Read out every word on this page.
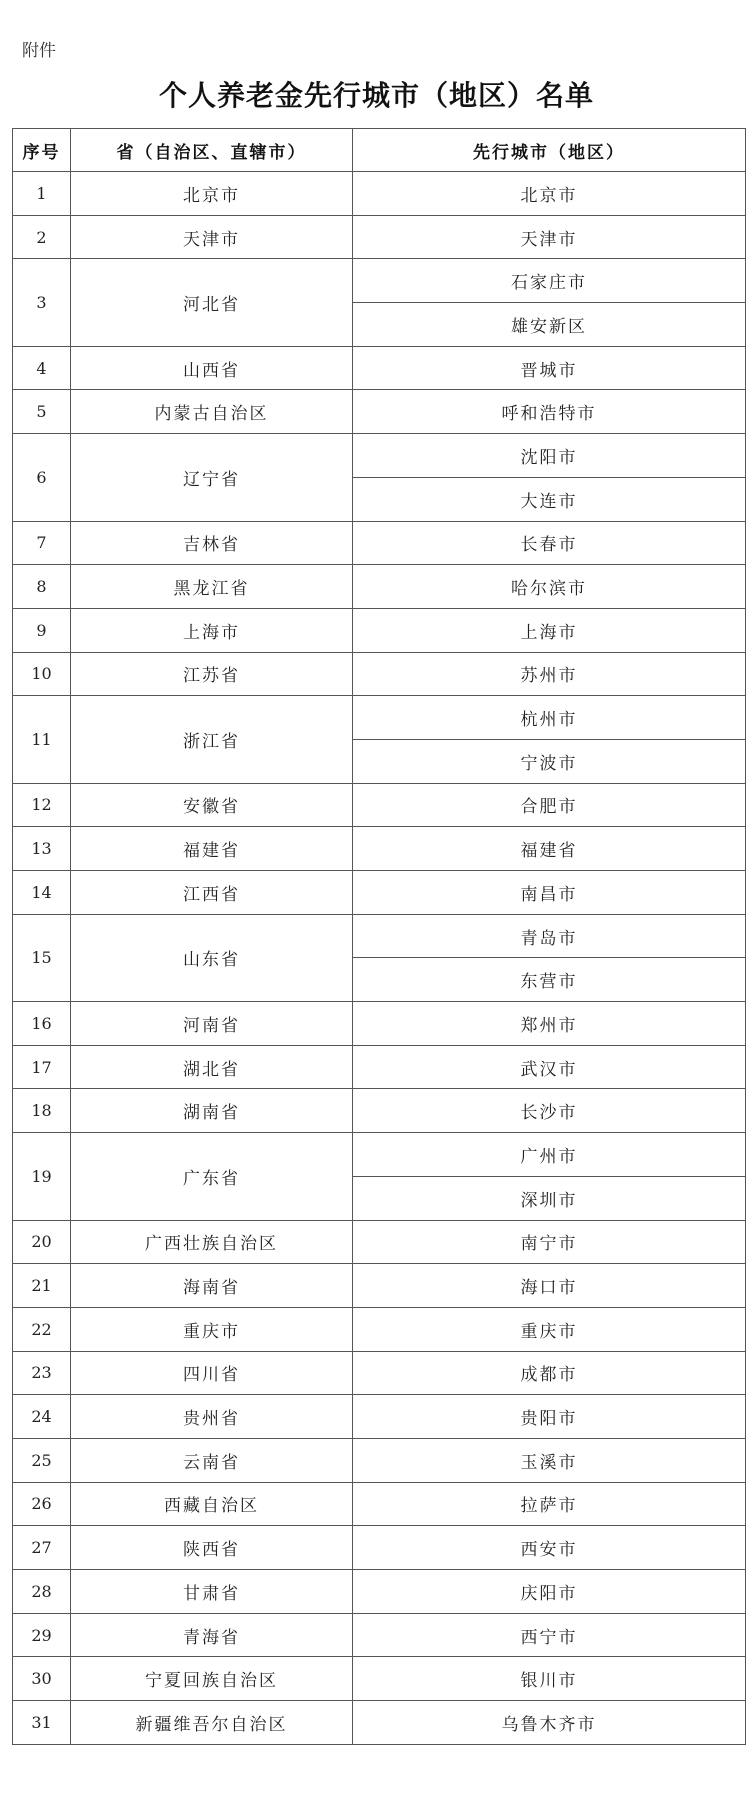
附件
个人养老金先行城市（地区）名单
序号	省（自治区、直辖市）	先行城市（地区）
1	北京市	北京市
2	天津市	天津市
3	河北省	石家庄市
		雄安新区
4	山西省	晋城市
5	内蒙古自治区	呼和浩特市
6	辽宁省	沈阳市
		大连市
7	吉林省	长春市
8	黑龙江省	哈尔滨市
9	上海市	上海市
10	江苏省	苏州市
11	浙江省	杭州市
		宁波市
12	安徽省	合肥市
13	福建省	福建省
14	江西省	南昌市
15	山东省	青岛市
		东营市
16	河南省	郑州市
17	湖北省	武汉市
18	湖南省	长沙市
19	广东省	广州市
		深圳市
20	广西壮族自治区	南宁市
21	海南省	海口市
22	重庆市	重庆市
23	四川省	成都市
24	贵州省	贵阳市
25	云南省	玉溪市
26	西藏自治区	拉萨市
27	陕西省	西安市
28	甘肃省	庆阳市
29	青海省	西宁市
30	宁夏回族自治区	银川市
31	新疆维吾尔自治区	乌鲁木齐市
